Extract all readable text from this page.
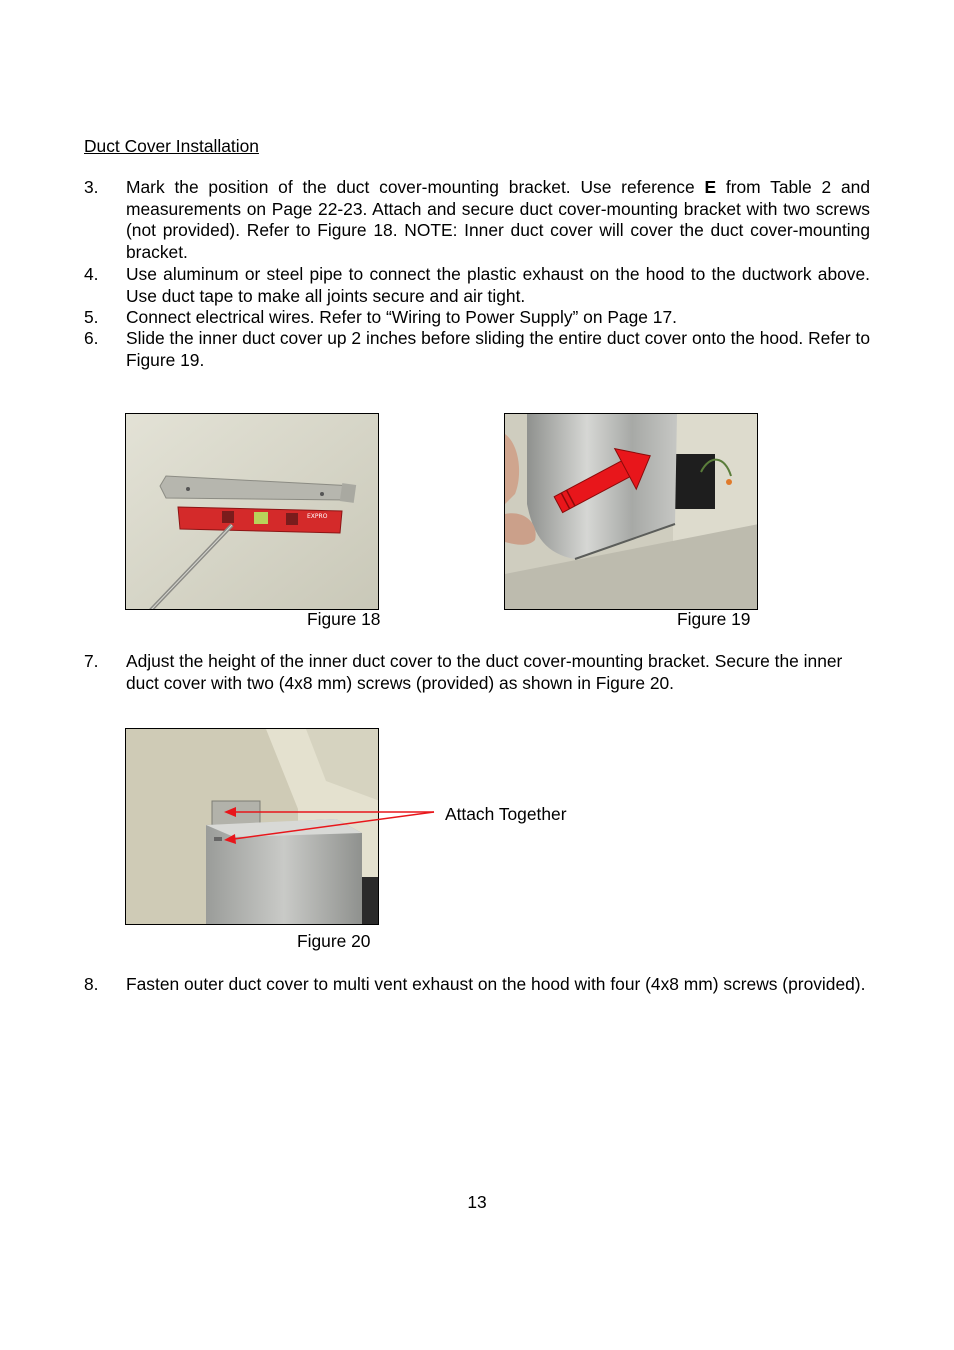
Duct Cover Installation
3. Mark the position of the duct cover-mounting bracket. Use reference E from Table 2 and measurements on Page 22-23. Attach and secure duct cover-mounting bracket with two screws (not provided). Refer to Figure 18. NOTE: Inner duct cover will cover the duct cover-mounting bracket.
4. Use aluminum or steel pipe to connect the plastic exhaust on the hood to the ductwork above. Use duct tape to make all joints secure and air tight.
5. Connect electrical wires. Refer to “Wiring to Power Supply” on Page 17.
6. Slide the inner duct cover up 2 inches before sliding the entire duct cover onto the hood. Refer to Figure 19.
EXPRO
Figure 18	Figure 19
7. Adjust the height of the inner duct cover to the duct cover-mounting bracket. Secure the inner duct cover with two (4x8 mm) screws (provided) as shown in Figure 20.
Attach Together
Figure 20
8. Fasten outer duct cover to multi vent exhaust on the hood with four (4x8 mm) screws (provided).
13
